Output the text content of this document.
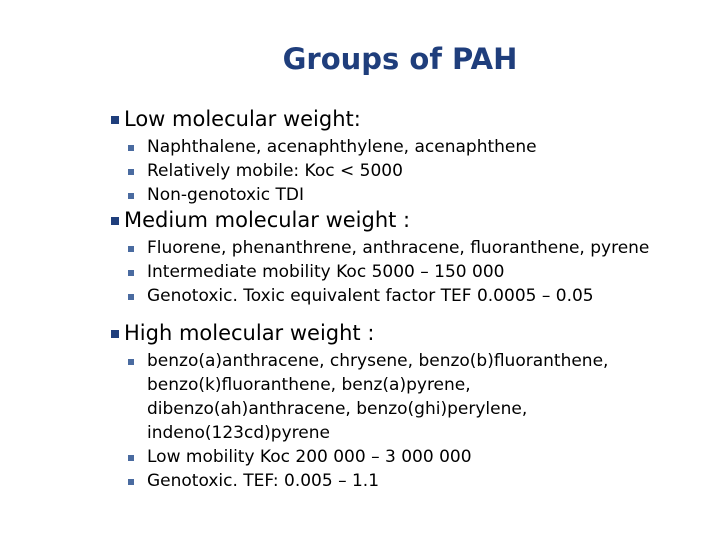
Groups of PAH
Low molecular weight:
Naphthalene, acenaphthylene, acenaphthene
Relatively mobile: Koc < 5000
Non-genotoxic TDI
Medium molecular weight :
Fluorene, phenanthrene, anthracene, fluoranthene, pyrene
Intermediate mobility Koc 5000 – 150 000
Genotoxic. Toxic equivalent factor TEF 0.0005 – 0.05
High molecular weight :
benzo(a)anthracene, chrysene, benzo(b)fluoranthene,
benzo(k)fluoranthene, benz(a)pyrene,
dibenzo(ah)anthracene, benzo(ghi)perylene,
indeno(123cd)pyrene
Low mobility Koc 200 000 – 3 000 000
Genotoxic. TEF: 0.005 – 1.1
